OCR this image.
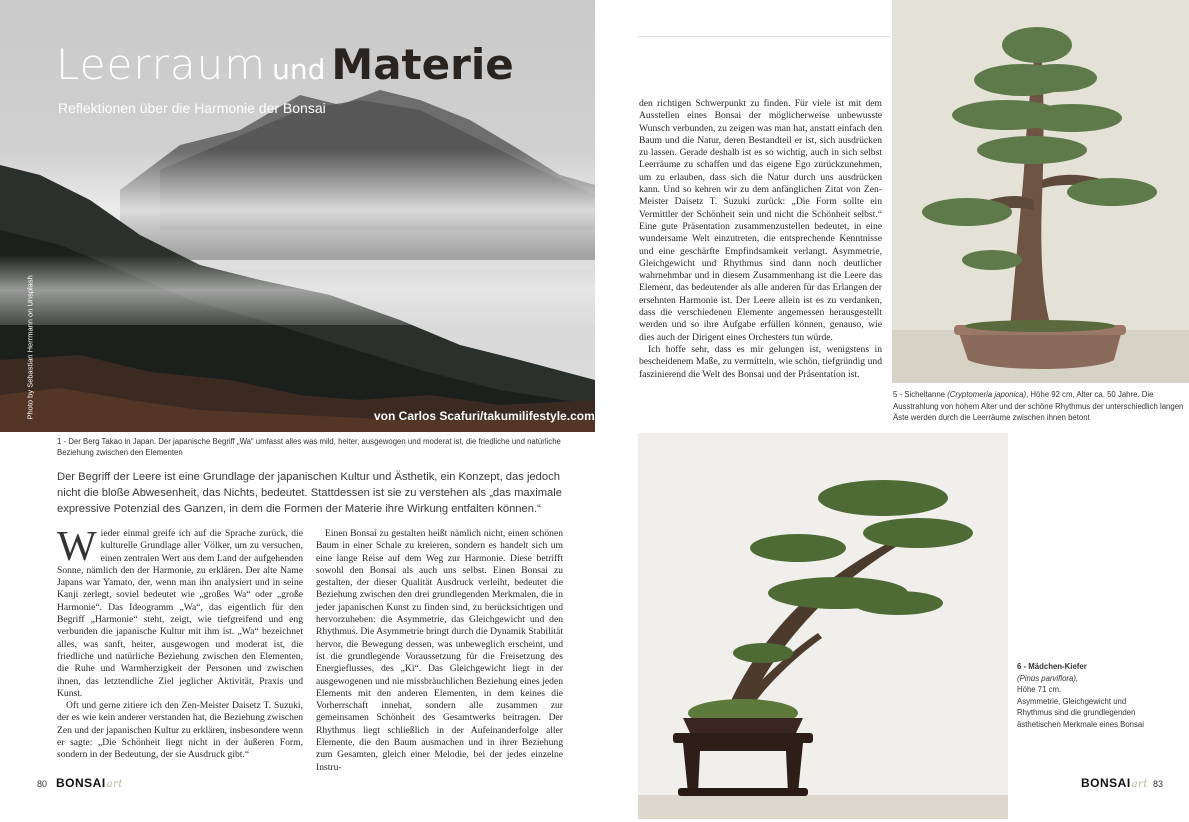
Leerraum und Materie
Reflektionen über die Harmonie der Bonsai
von Carlos Scafuri/takumilifestyle.com
Photo by Sebastian Herrmann on Unsplash
1 - Der Berg Takao in Japan. Der japanische Begriff „Wa“ umfasst alles was mild, heiter, ausgewogen und moderat ist, die friedliche und natürliche Beziehung zwischen den Elementen
Der Begriff der Leere ist eine Grundlage der japanischen Kultur und Ästhetik, ein Konzept, das jedoch nicht die bloße Abwesenheit, das Nichts, bedeutet. Stattdessen ist sie zu verstehen als „das maximale expressive Potenzial des Ganzen, in dem die Formen der Materie ihre Wirkung entfalten können.“

Wieder einmal greife ich auf die Sprache zurück, die kulturelle Grundlage aller Völker, um zu versuchen, einen zentralen Wert aus dem Land der aufgehenden Sonne, nämlich den der Harmonie, zu erklären. Der alte Name Japans war Yamato, der, wenn man ihn analysiert und in seine Kanji zerlegt, soviel bedeutet wie „großes Wa“ oder „große Harmonie“. Das Ideogramm „Wa“, das eigentlich für den Begriff „Harmonie“ steht, zeigt, wie tiefgreifend und eng verbunden die japanische Kultur mit ihm ist. „Wa“ bezeichnet alles, was sanft, heiter, ausgewogen und moderat ist, die friedliche und natürliche Beziehung zwischen den Elementen, die Ruhe und Warmherzigkeit der Personen und zwischen ihnen, das letztendliche Ziel jeglicher Aktivität, Praxis und Kunst.

Oft und gerne zitiere ich den Zen-Meister Daisetz T. Suzuki, der es wie kein anderer verstanden hat, die Beziehung zwischen Zen und der japanischen Kultur zu erklären, insbesondere wenn er sagte: „Die Schönheit liegt nicht in der äußeren Form, sondern in der Bedeutung, der sie Ausdruck gibt.“

Einen Bonsai zu gestalten heißt nämlich nicht, einen schönen Baum in einer Schale zu kreieren, sondern es handelt sich um eine lange Reise auf dem Weg zur Harmonie. Diese betrifft sowohl den Bonsai als auch uns selbst. Einen Bonsai zu gestalten, der dieser Qualität Ausdruck verleiht, bedeutet die Beziehung zwischen den drei grundlegenden Merkmalen, die in jeder japanischen Kunst zu finden sind, zu berücksichtigen und hervorzuheben: die Asymmetrie, das Gleichgewicht und den Rhythmus. Die Asymmetrie bringt durch die Dynamik Stabilität hervor, die Bewegung dessen, was unbeweglich erscheint, und ist die grundlegende Voraussetzung für die Freisetzung des Energieflusses, des „Ki“. Das Gleichgewicht liegt in der ausgewogenen und nie missbräuchlichen Beziehung eines jeden Elements mit den anderen Elementen, in dem keines die Vorherrschaft innehat, sondern alle zusammen zur gemeinsamen Schönheit des Gesamtwerks beitragen. Der Rhythmus liegt schließlich in der Aufeinanderfolge aller Elemente, die den Baum ausmachen und in ihrer Beziehung zum Gesamten, gleich einer Melodie, bei der jedes einzelne Instru-

80 BONSAIart

den richtigen Schwerpunkt zu finden. Für viele ist mit dem Ausstellen eines Bonsai der möglicherweise unbewusste Wunsch verbunden, zu zeigen was man hat, anstatt einfach den Baum und die Natur, deren Bestandteil er ist, sich ausdrücken zu lassen. Gerade deshalb ist es so wichtig, auch in sich selbst Leerräume zu schaffen und das eigene Ego zurückzunehmen, um zu erlauben, dass sich die Natur durch uns ausdrücken kann. Und so kehren wir zu dem anfänglichen Zitat von Zen-Meister Daisetz T. Suzuki zurück: „Die Form sollte ein Vermittler der Schönheit sein und nicht die Schönheit selbst.“ Eine gute Präsentation zusammenzustellen bedeutet, in eine wundersame Welt einzutreten, die entsprechende Kenntnisse und eine geschärfte Empfindsamkeit verlangt. Asymmetrie, Gleichgewicht und Rhythmus sind dann noch deutlicher wahrnehmbar und in diesem Zusammenhang ist die Leere das Element, das bedeutender als alle anderen für das Erlangen der ersehnten Harmonie ist. Der Leere allein ist es zu verdanken, dass die verschiedenen Elemente angemessen herausgestellt werden und so ihre Aufgabe erfüllen können, genauso, wie dies auch der Dirigent eines Orchesters tun würde.

Ich hoffe sehr, dass es mir gelungen ist, wenigstens in bescheidenem Maße, zu vermitteln, wie schön, tiefgründig und faszinierend die Welt des Bonsai und der Präsentation ist.

5 - Sicheltanne (Cryptomeria japonica), Höhe 92 cm, Alter ca. 50 Jahre. Die Ausstrahlung von hohem Alter und der schöne Rhythmus der unterschiedlich langen Äste werden durch die Leerräume zwischen ihnen betont
6 - Mädchen-Kiefer
(Pinus parviflora),
Höhe 71 cm.
Asymmetrie, Gleichgewicht und Rhythmus sind die grundlegenden ästhetischen Merkmale eines Bonsai
BONSAIart 83
